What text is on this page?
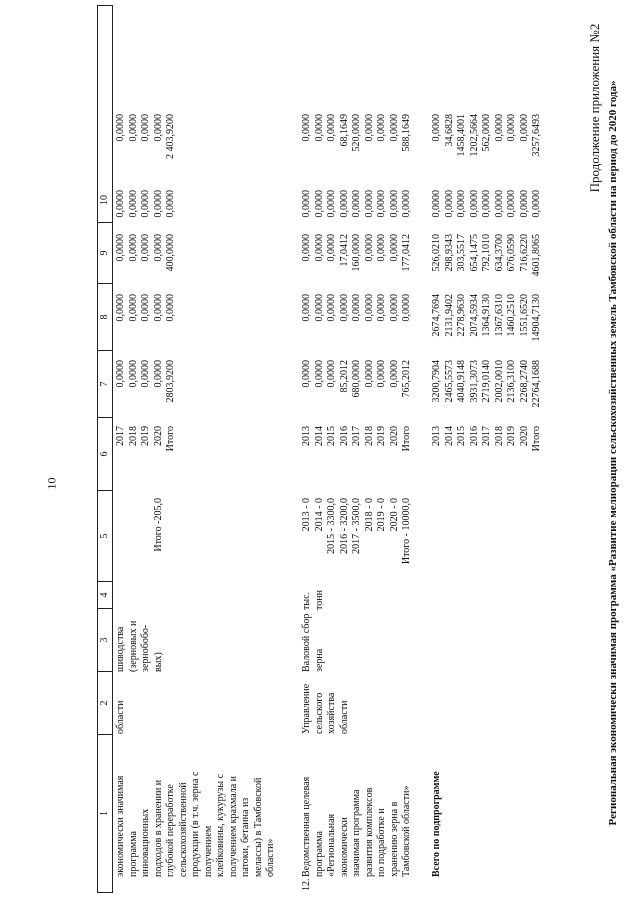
10
Продолжение приложения №2
1
2
3
4
5
6
7
8
9
10
экономически значимая программа инновационных подходов в хранении и глубокой переработке сельскохозяйственной продукции (в т.ч. зерна с получением клейковины, кукурузы с получением крахмала и патоки, бетаина из мелассы) в Тамбовской области»
области
шиводства (зерновых и зернобобо- вых)

Итого -205,0
2017 2018 2019 2020 Итого
0,0000 0,0000 0,0000 0,0000 2803,9200
0,0000 0,0000 0,0000 0,0000 0,0000
0,0000 0,0000 0,0000 0,0000 400,0000
0,0000 0,0000 0,0000 0,0000 0,0000
0,0000 0,0000 0,0000 0,0000 2 403,9200
12.
Ведомственная целевая программа «Региональная экономически значимая программа развития комплексов по подработке и хранению зерна в Тамбовской области»
Управление сельского хозяйства области
Валовой сбор зерна
тыс. тонн
2013 - 0 2014 - 0 2015 - 3300,0 2016 - 3200,0 2017 - 3500,0 2018 - 0 2019 - 0 2020 - 0 Итого - 10000,0
2013 2014 2015 2016 2017 2018 2019 2020 Итого
0,0000 0,0000 0,0000 85,2012 680,0000 0,0000 0,0000 0,0000 765,2012
0,0000 0,0000 0,0000 0,0000 0,0000 0,0000 0,0000 0,0000 0,0000
0,0000 0,0000 0,0000 17,0412 160,0000 0,0000 0,0000 0,0000 177,0412
0,0000 0,0000 0,0000 0,0000 0,0000 0,0000 0,0000 0,0000 0,0000
0,0000 0,0000 0,0000 68,1649 520,0000 0,0000 0,0000 0,0000 588,1649
Всего по подпрограмме
2013 2014 2015 2016 2017 2018 2019 2020 Итого
3200,7904 2465,5573 4040,9148 3931,3073 2719,0140 2002,0010 2136,3100 2268,2740 22764,1688
2674,7694 2131,9402 2278,9630 2074,5934 1364,9130 1367,6310 1460,2510 1551,6520 14904,7130
526,0210 298,9343 303,5517 654,1475 792,1010 634,3700 676,0590 716,6220 4601,8065
0,0000 0,0000 0,0000 0,0000 0,0000 0,0000 0,0000 0,0000 0,0000
0,0000 34,6828 1458,4001 1202,5664 562,0000 0,0000 0,0000 0,0000 3257,6493	Региональная экономически значимая программа «Развитие мелиорации сельскохозяйственных земель Тамбовской области на период до 2020 года»
